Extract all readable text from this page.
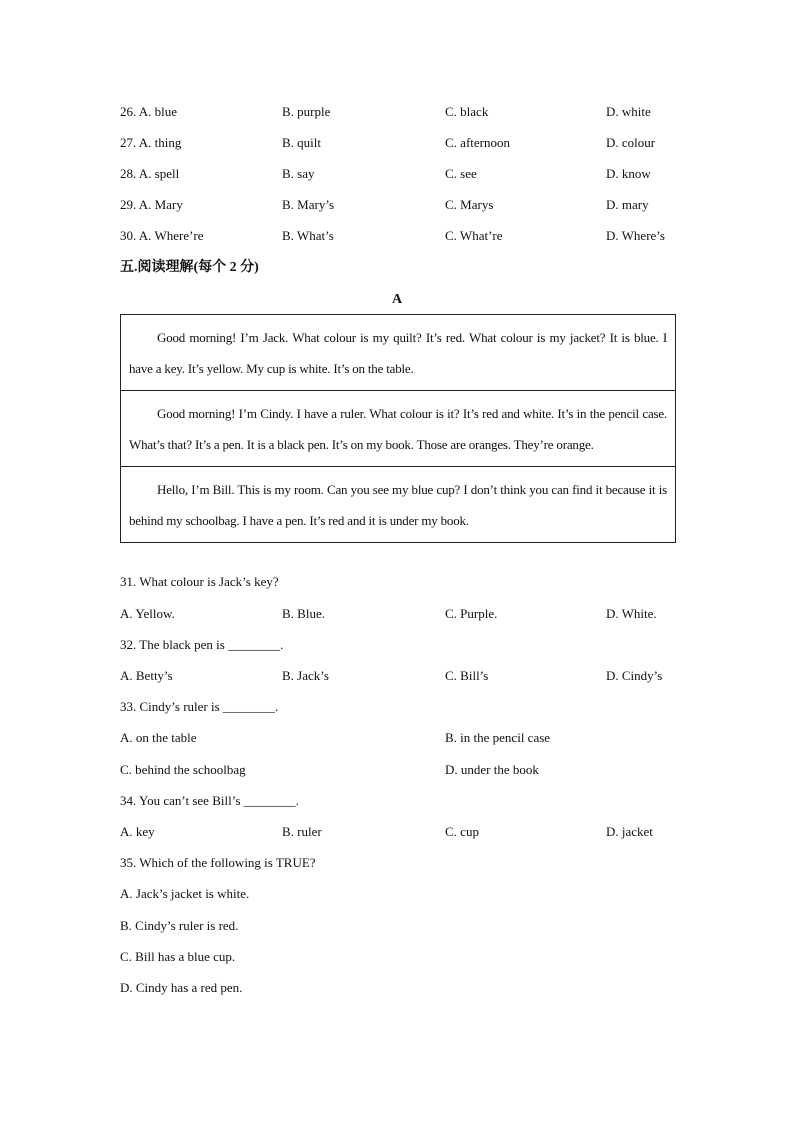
26. A. blue	B. purple	C. black	D. white
27. A. thing	B. quilt	C. afternoon	D. colour
28. A. spell	B. say	C. see	D. know
29. A. Mary	B. Mary’s	C. Marys	D. mary
30. A. Where’re	B. What’s	C. What’re	D. Where’s
五.阅读理解(每个 2 分)
A
Good morning! I’m Jack. What colour is my quilt? It’s red. What colour is my jacket? It is blue. I have a key. It’s yellow. My cup is white. It’s on the table.
Good morning! I’m Cindy. I have a ruler. What colour is it? It’s red and white. It’s in the pencil case. What’s that? It’s a pen. It is a black pen. It’s on my book. Those are oranges. They’re orange.
Hello, I’m Bill. This is my room. Can you see my blue cup? I don’t think you can find it because it is behind my schoolbag. I have a pen. It’s red and it is under my book.
31. What colour is Jack’s key?
A. Yellow.	B. Blue.	C. Purple.	D. White.
32. The black pen is ________.
A. Betty’s	B. Jack’s	C. Bill’s	D. Cindy’s
33. Cindy’s ruler is ________.
A. on the table	B. in the pencil case
C. behind the schoolbag	D. under the book
34. You can’t see Bill’s ________.
A. key	B. ruler	C. cup	D. jacket
35. Which of the following is TRUE?
A. Jack’s jacket is white.
B. Cindy’s ruler is red.
C. Bill has a blue cup.
D. Cindy has a red pen.
